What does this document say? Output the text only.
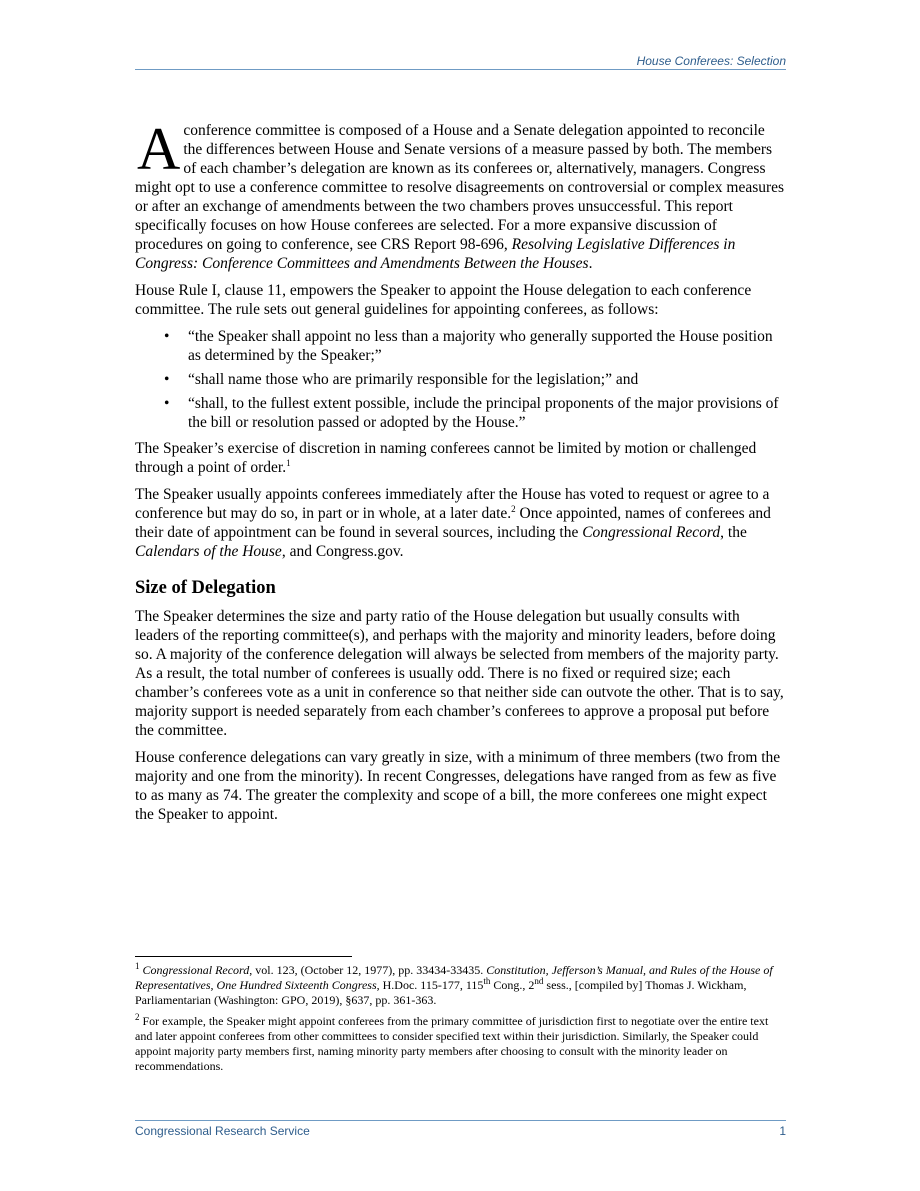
House Conferees: Selection

Aconference committee is composed of a House and a Senate delegation appointed to reconcile the differences between House and Senate versions of a measure passed by both. The members of each chamber’s delegation are known as its conferees or, alternatively, managers. Congress might opt to use a conference committee to resolve disagreements on controversial or complex measures or after an exchange of amendments between the two chambers proves unsuccessful. This report specifically focuses on how House conferees are selected. For a more expansive discussion of procedures on going to conference, see CRS Report 98-696, Resolving Legislative Differences in Congress: Conference Committees and Amendments Between the Houses.

House Rule I, clause 11, empowers the Speaker to appoint the House delegation to each conference committee. The rule sets out general guidelines for appointing conferees, as follows:

• “the Speaker shall appoint no less than a majority who generally supported the House position as determined by the Speaker;”
• “shall name those who are primarily responsible for the legislation;” and
• “shall, to the fullest extent possible, include the principal proponents of the major provisions of the bill or resolution passed or adopted by the House.”

The Speaker’s exercise of discretion in naming conferees cannot be limited by motion or challenged through a point of order.$^1$

The Speaker usually appoints conferees immediately after the House has voted to request or agree to a conference but may do so, in part or in whole, at a later date.$^2$ Once appointed, names of conferees and their date of appointment can be found in several sources, including the Congressional Record, the Calendars of the House, and Congress.gov.

Size of Delegation

The Speaker determines the size and party ratio of the House delegation but usually consults with leaders of the reporting committee(s), and perhaps with the majority and minority leaders, before doing so. A majority of the conference delegation will always be selected from members of the majority party. As a result, the total number of conferees is usually odd. There is no fixed or required size; each chamber’s conferees vote as a unit in conference so that neither side can outvote the other. That is to say, majority support is needed separately from each chamber’s conferees to approve a proposal put before the committee.

House conference delegations can vary greatly in size, with a minimum of three members (two from the majority and one from the minority). In recent Congresses, delegations have ranged from as few as five to as many as 74. The greater the complexity and scope of a bill, the more conferees one might expect the Speaker to appoint.

$^1$ Congressional Record, vol. 123, (October 12, 1977), pp. 33434-33435. Constitution, Jefferson’s Manual, and Rules of the House of Representatives, One Hundred Sixteenth Congress, H.Doc. 115-177, 115th Cong., 2nd sess., [compiled by] Thomas J. Wickham, Parliamentarian (Washington: GPO, 2019), §637, pp. 361-363.

$^2$ For example, the Speaker might appoint conferees from the primary committee of jurisdiction first to negotiate over the entire text and later appoint conferees from other committees to consider specified text within their jurisdiction. Similarly, the Speaker could appoint majority party members first, naming minority party members after choosing to consult with the minority leader on recommendations.

Congressional Research Service	1
